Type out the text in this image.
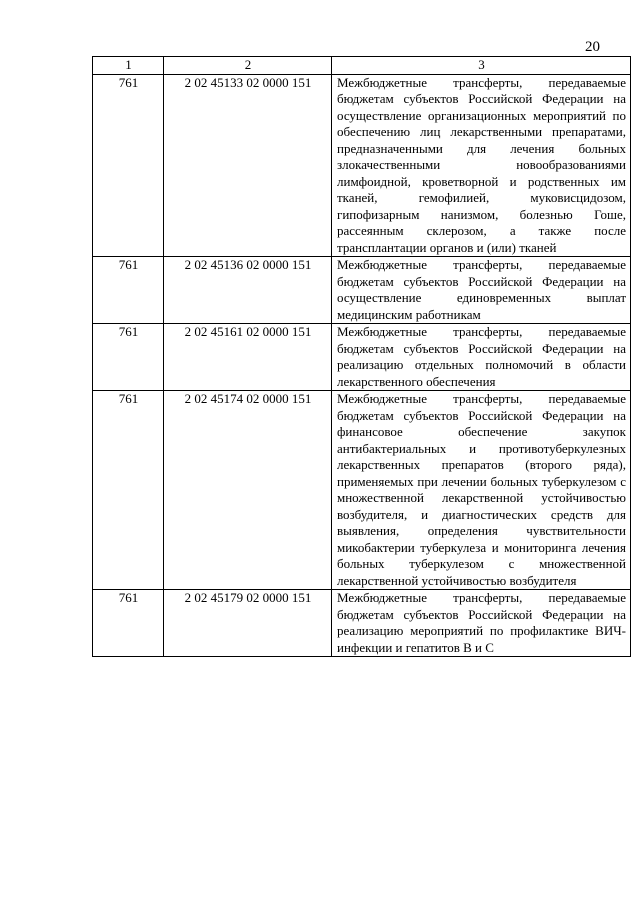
20
1	2	3
761	2 02 45133 02 0000 151	Межбюджетные трансферты, передаваемые бюджетам субъектов Российской Федерации на осуществление организационных мероприятий по обеспечению лиц лекарственными препаратами, предназначенными для лечения больных злокачественными новообразованиями лимфоидной, кроветворной и родственных им тканей, гемофилией, муковисцидозом, гипофизарным нанизмом, болезнью Гоше, рассеянным склерозом, а также после трансплантации органов и (или) тканей
761	2 02 45136 02 0000 151	Межбюджетные трансферты, передаваемые бюджетам субъектов Российской Федерации на осуществление единовременных выплат медицинским работникам
761	2 02 45161 02 0000 151	Межбюджетные трансферты, передаваемые бюджетам субъектов Российской Федерации на реализацию отдельных полномочий в области лекарственного обеспечения
761	2 02 45174 02 0000 151	Межбюджетные трансферты, передаваемые бюджетам субъектов Российской Федерации на финансовое обеспечение закупок антибактериальных и противотуберкулезных лекарственных препаратов (второго ряда), применяемых при лечении больных туберкулезом с множественной лекарственной устойчивостью возбудителя, и диагностических средств для выявления, определения чувствительности микобактерии туберкулеза и мониторинга лечения больных туберкулезом с множественной лекарственной устойчивостью возбудителя
761	2 02 45179 02 0000 151	Межбюджетные трансферты, передаваемые бюджетам субъектов Российской Федерации на реализацию мероприятий по профилактике ВИЧ-инфекции и гепатитов В и С
